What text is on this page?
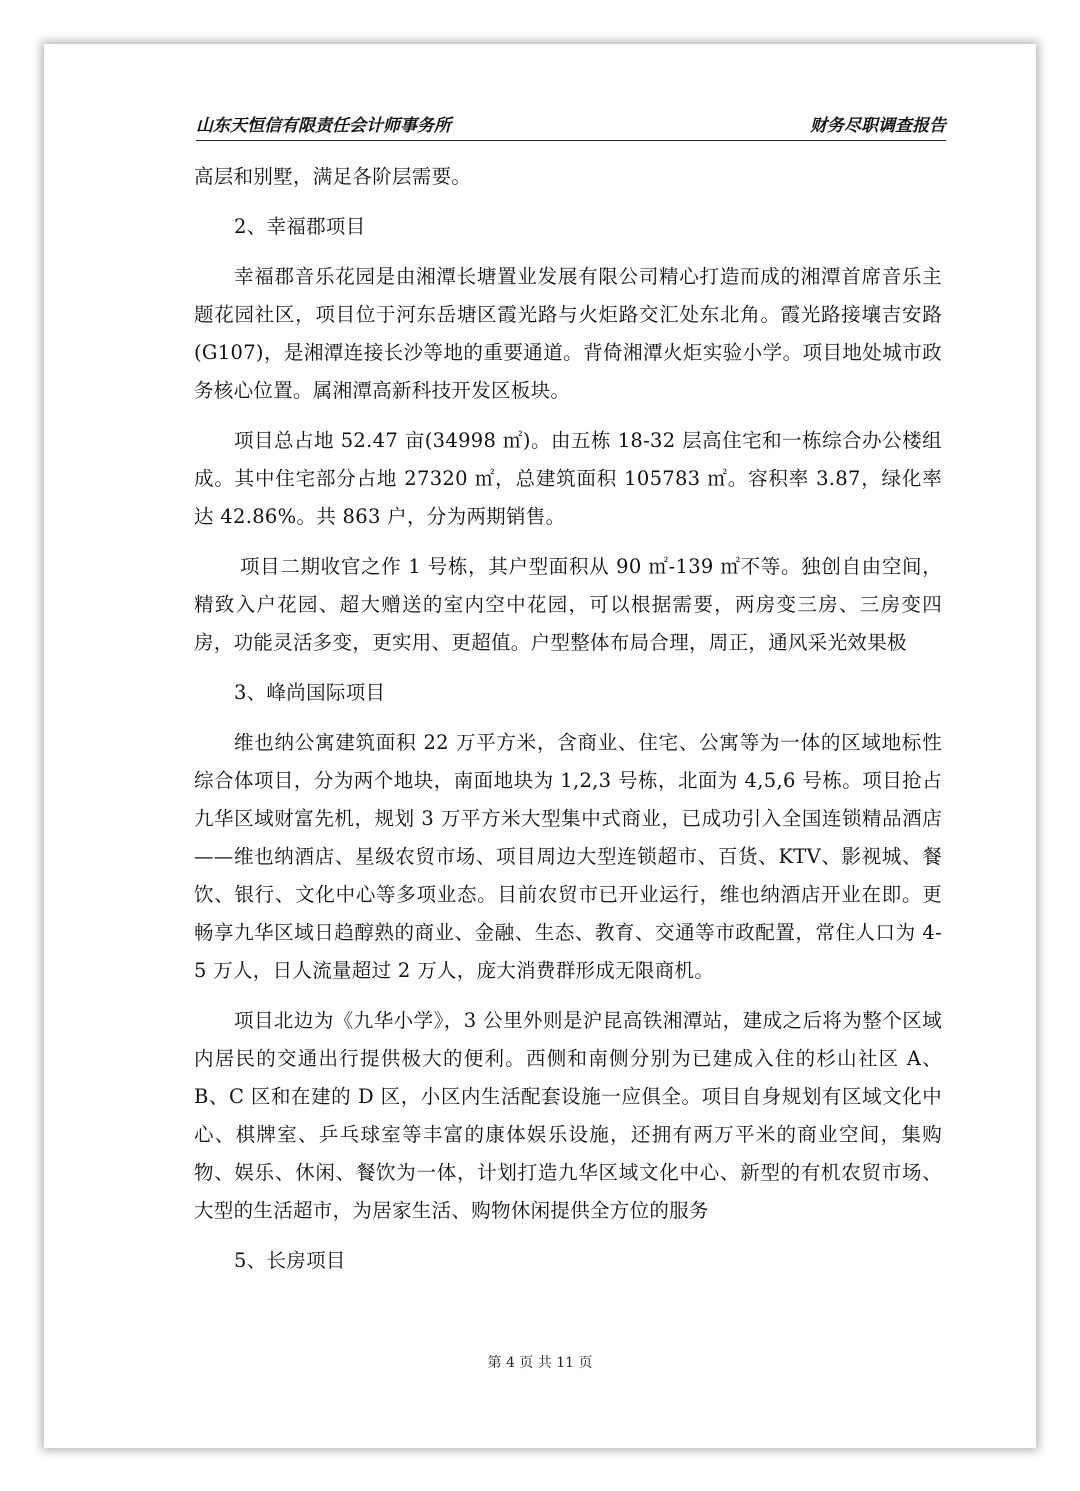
山东天恒信有限责任会计师事务所	财务尽职调查报告

高层和别墅，满足各阶层需要。

2、幸福郡项目

幸福郡音乐花园是由湘潭长塘置业发展有限公司精心打造而成的湘潭首席音乐主题花园社区，项目位于河东岳塘区霞光路与火炬路交汇处东北角。霞光路接壤吉安路(G107)，是湘潭连接长沙等地的重要通道。背倚湘潭火炬实验小学。项目地处城市政务核心位置。属湘潭高新科技开发区板块。

项目总占地 52.47 亩(34998 ㎡)。由五栋 18-32 层高住宅和一栋综合办公楼组成。其中住宅部分占地 27320 ㎡，总建筑面积 105783 ㎡。容积率 3.87，绿化率达 42.86%。共 863 户，分为两期销售。

项目二期收官之作 1 号栋，其户型面积从 90 ㎡-139 ㎡不等。独创自由空间，精致入户花园、超大赠送的室内空中花园，可以根据需要，两房变三房、三房变四房，功能灵活多变，更实用、更超值。户型整体布局合理，周正，通风采光效果极

3、峰尚国际项目

维也纳公寓建筑面积 22 万平方米，含商业、住宅、公寓等为一体的区域地标性综合体项目，分为两个地块，南面地块为 1,2,3 号栋，北面为 4,5,6 号栋。项目抢占九华区域财富先机，规划 3 万平方米大型集中式商业，已成功引入全国连锁精品酒店——维也纳酒店、星级农贸市场、项目周边大型连锁超市、百货、KTV、影视城、餐饮、银行、文化中心等多项业态。目前农贸市已开业运行，维也纳酒店开业在即。更畅享九华区域日趋醇熟的商业、金融、生态、教育、交通等市政配置，常住人口为 4-5 万人，日人流量超过 2 万人，庞大消费群形成无限商机。

项目北边为《九华小学》，3 公里外则是沪昆高铁湘潭站，建成之后将为整个区域内居民的交通出行提供极大的便利。西侧和南侧分别为已建成入住的杉山社区 A、B、C 区和在建的 D 区，小区内生活配套设施一应俱全。项目自身规划有区域文化中心、棋牌室、乒乓球室等丰富的康体娱乐设施，还拥有两万平米的商业空间，集购物、娱乐、休闲、餐饮为一体，计划打造九华区域文化中心、新型的有机农贸市场、大型的生活超市，为居家生活、购物休闲提供全方位的服务

5、长房项目

第 4 页 共 11 页
